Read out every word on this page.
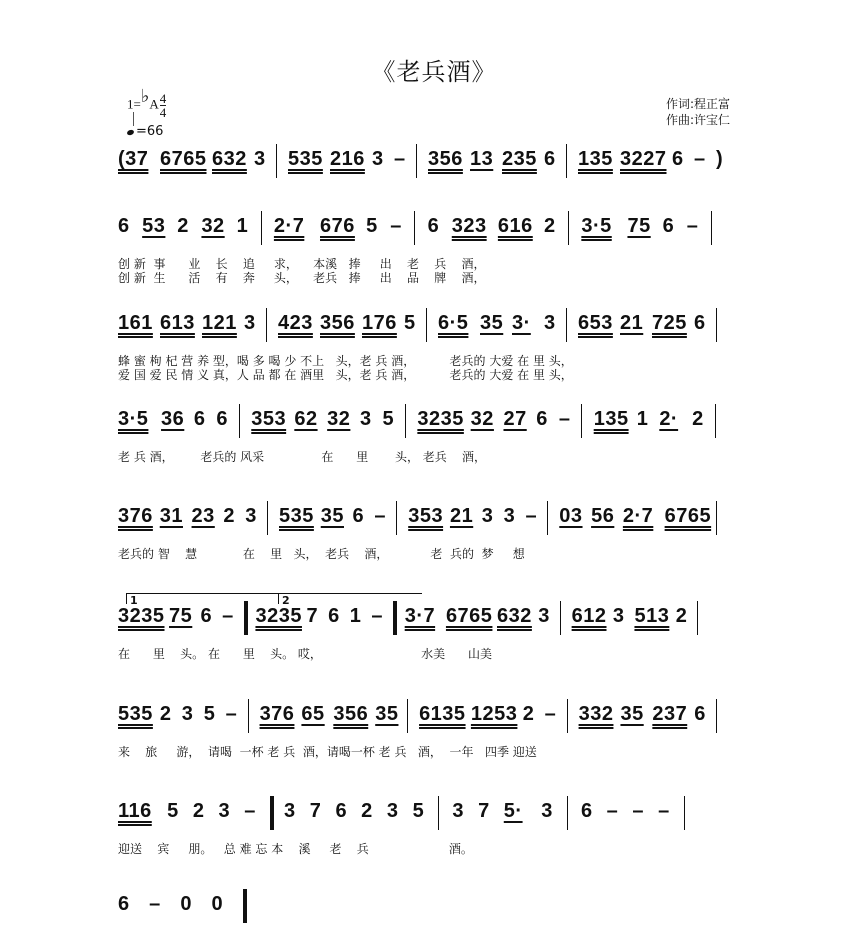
《老兵酒》
1=♭A $\frac{4}{4}$
=66
作词:程正富
作曲:许宝仁
(37 6765 632 3 535 216 3 – 356 13 235 6 135 3227 6 – )
6 53 2 32 1 2·7 676 5 – 6 323 616 2 3·5 75 6 –
创 新  事      业    长    追     求，    本溪   捧     出    老    兵    酒，
创 新  生      活    有    奔     头，    老兵   捧     出    品    牌    酒，
161 613 121 3 423 356 176 5 6·5 35 3· 3 653 21 725 6
蜂 蜜 枸 杞 营 养 型，喝 多 喝 少 不上   头，老 兵 酒，         老兵的 大爱 在 里 头，
爱 国 爱 民 情 义 真，人 品 都 在 酒里   头，老 兵 酒，         老兵的 大爱 在 里 头，
3·5 36 6 6 353 62 32 3 5 3235 32 27 6 – 135 1 2· 2
老 兵 酒，       老兵的 风采               在      里       头， 老兵    酒，
376 31 23 2 3 535 35 6 – 353 21 3 3 – 03 56 2·7 6765
老兵的 智    慧            在    里   头，  老兵    酒，           老  兵的  梦     想
1	2
3235 75 6 – 3235 7 6 1 – 3·7 6765 632 3 612 3 513 2
在      里    头。 在      里    头。 哎，                          水美      山美
535 2 3 5 – 376 65 356 35 6135 1253 2 – 332 35 237 6
来    旅     游，  请喝  一杯 老 兵  酒，请喝一杯 老 兵   酒，  一年   四季 迎送
116 5 2 3 – 3 7 6 2 3 5 3 7 5· 3 6 – – –
迎送    宾     朋。   总 难 忘 本    溪     老    兵                     酒。
6 – 0 0
